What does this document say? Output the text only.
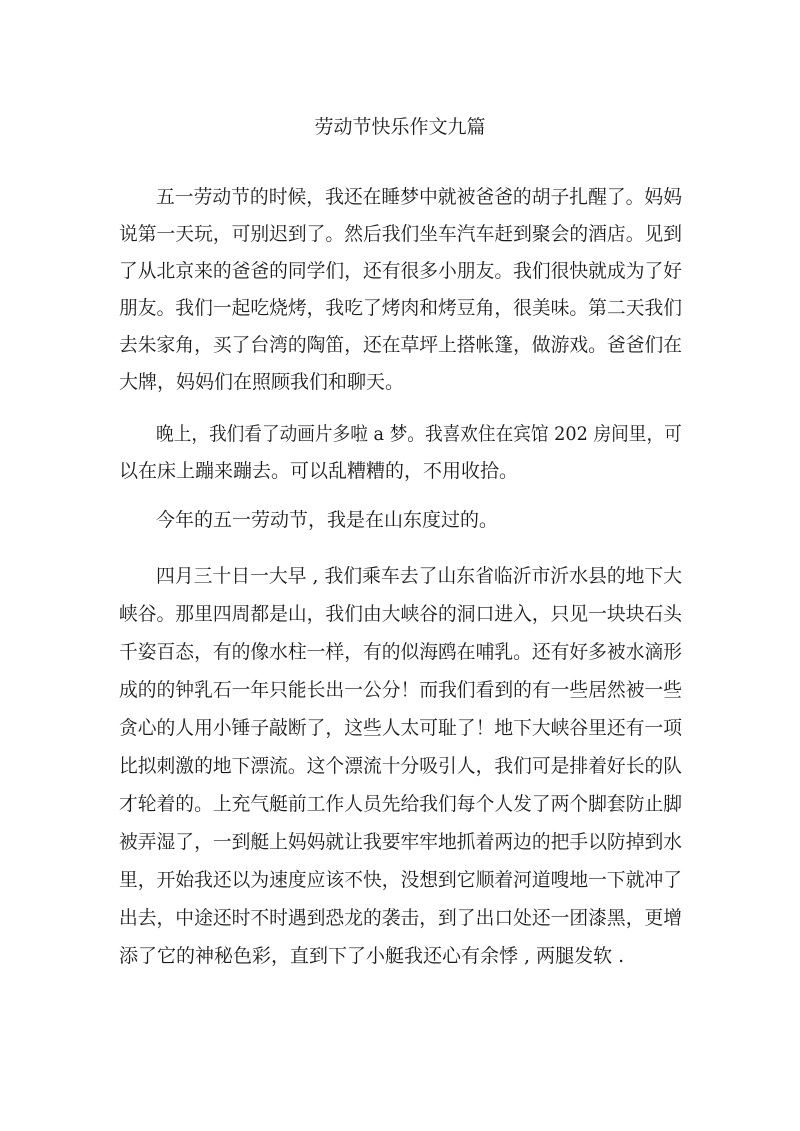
劳动节快乐作文九篇
五一劳动节的时候，我还在睡梦中就被爸爸的胡子扎醒了。妈妈
说第一天玩，可别迟到了。然后我们坐车汽车赶到聚会的酒店。见到
了从北京来的爸爸的同学们，还有很多小朋友。我们很快就成为了好
朋友。我们一起吃烧烤，我吃了烤肉和烤豆角，很美味。第二天我们
去朱家角，买了台湾的陶笛，还在草坪上搭帐篷，做游戏。爸爸们在
大牌，妈妈们在照顾我们和聊天。
晚上，我们看了动画片多啦 a 梦。我喜欢住在宾馆 202 房间里，可
以在床上蹦来蹦去。可以乱糟糟的，不用收拾。
今年的五一劳动节，我是在山东度过的。
四月三十日一大早 , 我们乘车去了山东省临沂市沂水县的地下大
峡谷。那里四周都是山，我们由大峡谷的洞口进入，只见一块块石头
千姿百态，有的像水柱一样，有的似海鸥在哺乳。还有好多被水滴形
成的的钟乳石一年只能长出一公分！而我们看到的有一些居然被一些
贪心的人用小锤子敲断了，这些人太可耻了！地下大峡谷里还有一项
比拟刺激的地下漂流。这个漂流十分吸引人，我们可是排着好长的队
才轮着的。上充气艇前工作人员先给我们每个人发了两个脚套防止脚
被弄湿了，一到艇上妈妈就让我要牢牢地抓着两边的把手以防掉到水
里，开始我还以为速度应该不快，没想到它顺着河道嗖地一下就冲了
出去，中途还时不时遇到恐龙的袭击，到了出口处还一团漆黑，更增
添了它的神秘色彩，直到下了小艇我还心有余悸 , 两腿发软 .
